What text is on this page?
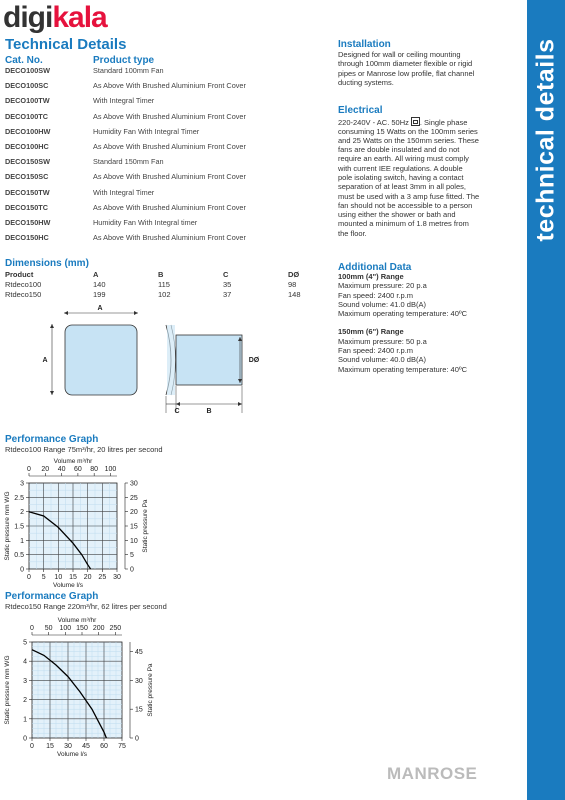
digikala
technical details
Technical Details
Cat. No.	Product type
DECO100SW	Standard 100mm Fan
DECO100SC	As Above With Brushed Aluminium Front Cover
DECO100TW	With Integral Timer
DECO100TC	As Above With Brushed Aluminium Front Cover
DECO100HW	Humidity Fan With Integral Timer
DECO100HC	As Above With Brushed Aluminium Front Cover
DECO150SW	Standard 150mm Fan
DECO150SC	As Above With Brushed Aluminium Front Cover
DECO150TW	With Integral Timer
DECO150TC	As Above With Brushed Aluminium Front Cover
DECO150HW	Humidity Fan With Integral timer
DECO150HC	As Above With Brushed Aluminium Front Cover
Dimensions (mm)
Product	A	B	C	DØ
Rtdeco100	140	115	35	98
Rtdeco150	199	102	37	148
A
A	DØ
C	B
Performance Graph
Rtdeco100 Range 75m³/hr, 20 litres per second
0 5 10 15 20 25 30
0
0.5
1
1.5
2
2.5
3
0 20 40 60 80 100
Volume m³/hr
0
5
10
15
20
25
30
Static pressure Pa
Static pressure mm WG
Volume l/s
Performance Graph
Rtdeco150 Range 220m³/hr, 62 litres per second
0 15 30 45 60 75
0
1
2
3
4
5
0 50 100 150 200 250
Volume m³/hr
0
15
30
45
Static pressure Pa
Static pressure mm WG
Volume l/s
Installation
Designed for wall or ceiling mounting
through 100mm diameter flexible or rigid
pipes or Manrose low profile, flat channel
ducting systems.
Electrical
220-240V - AC. 50Hz . Single phase
consuming 15 Watts on the 100mm series
and 25 Watts on the 150mm series. These
fans are double insulated and do not
require an earth. All wiring must comply
with current IEE regulations. A double
pole isolating switch, having a contact
separation of at least 3mm in all poles,
must be used with a 3 amp fuse fitted. The
fan should not be accessible to a person
using either the shower or bath and
mounted a minimum of 1.8 metres from
the floor.
Additional Data
100mm (4") Range
Maximum pressure: 20 p.a
Fan speed: 2400 r.p.m
Sound volume: 41.0 dB(A)
Maximum operating temperature: 40ºC
150mm (6") Range
Maximum pressure: 50 p.a
Fan speed: 2400 r.p.m
Sound volume: 40.0 dB(A)
Maximum operating temperature: 40ºC
MANROSE
